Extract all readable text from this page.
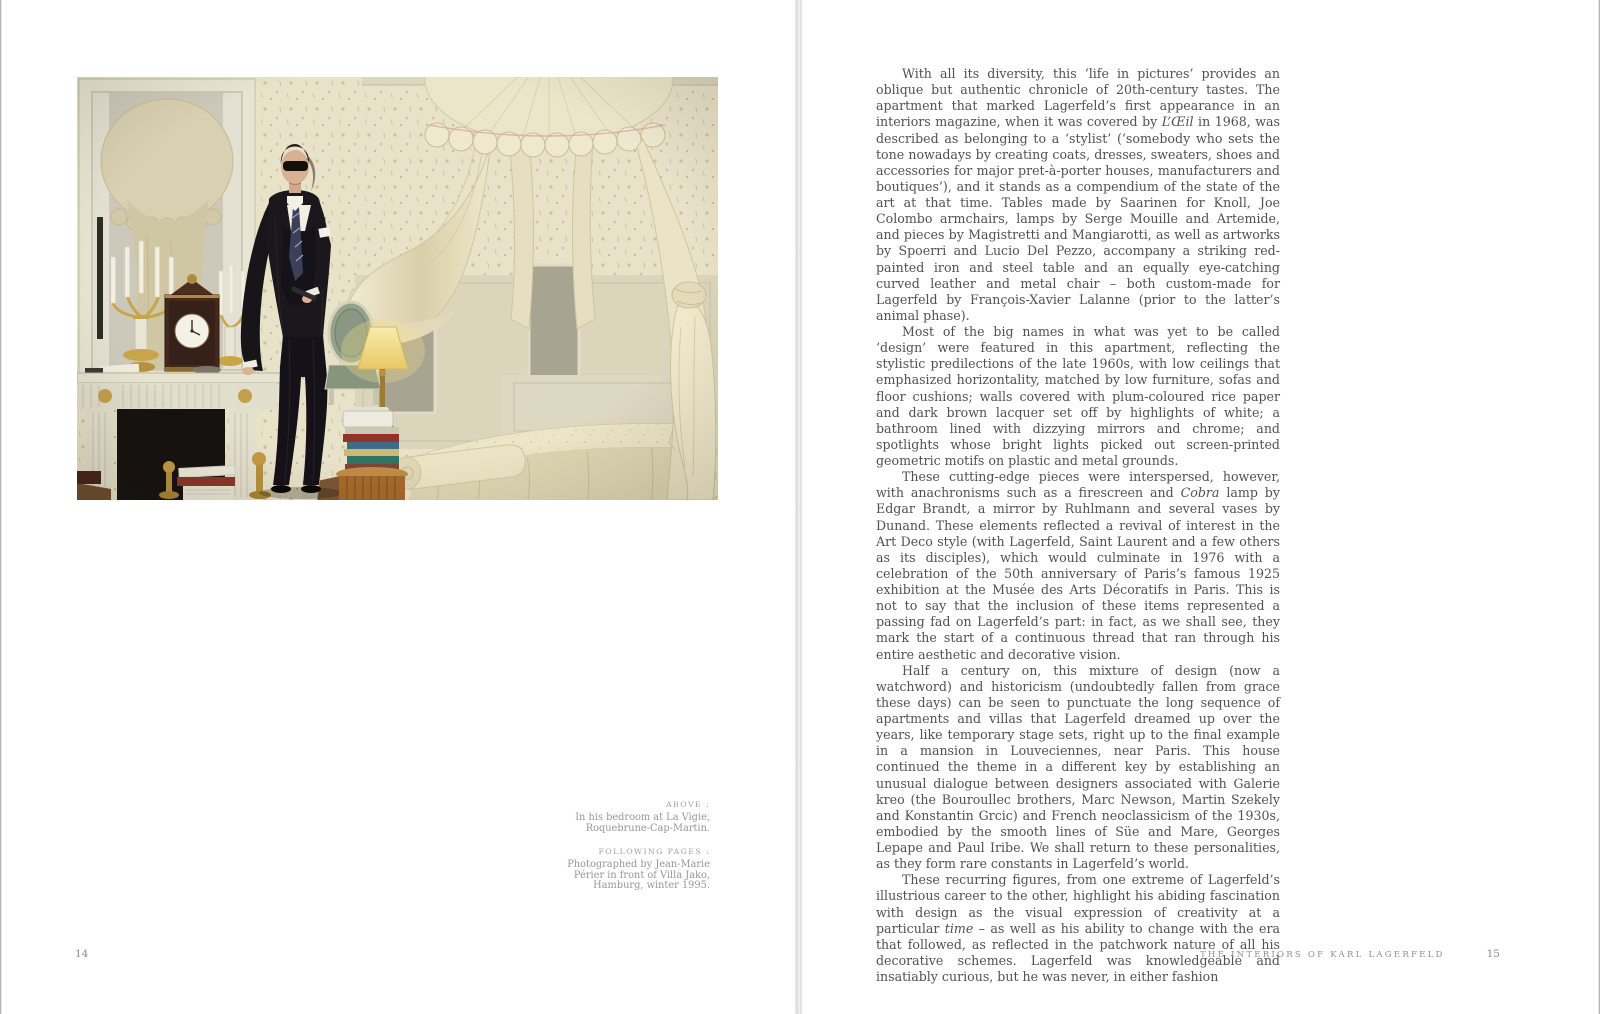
ABOVE :
In his bedroom at La Vigie,
Roquebrune-Cap-Martin.
FOLLOWING PAGES :
Photographed by Jean-Marie
Périer in front of Villa Jako,
Hamburg, winter 1995.
14

With all its diversity, this ‘life in pictures’ provides an oblique but authentic chronicle of 20th-century tastes. The apartment that marked Lagerfeld’s first appearance in an interiors magazine, when it was covered by L’Œil in 1968, was described as belonging to a ‘stylist’ (‘somebody who sets the tone nowadays by creating coats, dresses, sweaters, shoes and accessories for major pret-à-porter houses, manufacturers and boutiques’), and it stands as a compendium of the state of the art at that time. Tables made by Saarinen for Knoll, Joe Colombo armchairs, lamps by Serge Mouille and Artemide, and pieces by Magistretti and Mangiarotti, as well as artworks by Spoerri and Lucio Del Pezzo, accompany a striking red-painted iron and steel table and an equally eye-catching curved leather and metal chair – both custom-made for Lagerfeld by François-Xavier Lalanne (prior to the latter’s animal phase).

Most of the big names in what was yet to be called ‘design’ were featured in this apartment, reflecting the stylistic predilections of the late 1960s, with low ceilings that emphasized horizontality, matched by low furniture, sofas and floor cushions; walls covered with plum-coloured rice paper and dark brown lacquer set off by highlights of white; a bathroom lined with dizzying mirrors and chrome; and spotlights whose bright lights picked out screen-printed geometric motifs on plastic and metal grounds.

These cutting-edge pieces were interspersed, however, with anachronisms such as a firescreen and Cobra lamp by Edgar Brandt, a mirror by Ruhlmann and several vases by Dunand. These elements reflected a revival of interest in the Art Deco style (with Lagerfeld, Saint Laurent and a few others as its disciples), which would culminate in 1976 with a celebration of the 50th anniversary of Paris’s famous 1925 exhibition at the Musée des Arts Décoratifs in Paris. This is not to say that the inclusion of these items represented a passing fad on Lagerfeld’s part: in fact, as we shall see, they mark the start of a continuous thread that ran through his entire aesthetic and decorative vision.

Half a century on, this mixture of design (now a watchword) and historicism (undoubtedly fallen from grace these days) can be seen to punctuate the long sequence of apartments and villas that Lagerfeld dreamed up over the years, like temporary stage sets, right up to the final example in a mansion in Louveciennes, near Paris. This house continued the theme in a different key by establishing an unusual dialogue between designers associated with Galerie kreo (the Bouroullec brothers, Marc Newson, Martin Szekely and Konstantin Grcic) and French neoclassicism of the 1930s, embodied by the smooth lines of Süe and Mare, Georges Lepape and Paul Iribe. We shall return to these personalities, as they form rare constants in Lagerfeld’s world.

These recurring figures, from one extreme of Lagerfeld’s illustrious career to the other, highlight his abiding fascination with design as the visual expression of creativity at a particular time – as well as his ability to change with the era that followed, as reflected in the patchwork nature of all his decorative schemes. Lagerfeld was knowledgeable and insatiably curious, but he was never, in either fashion

THE INTERIORS OF KARL LAGERFELD	15
